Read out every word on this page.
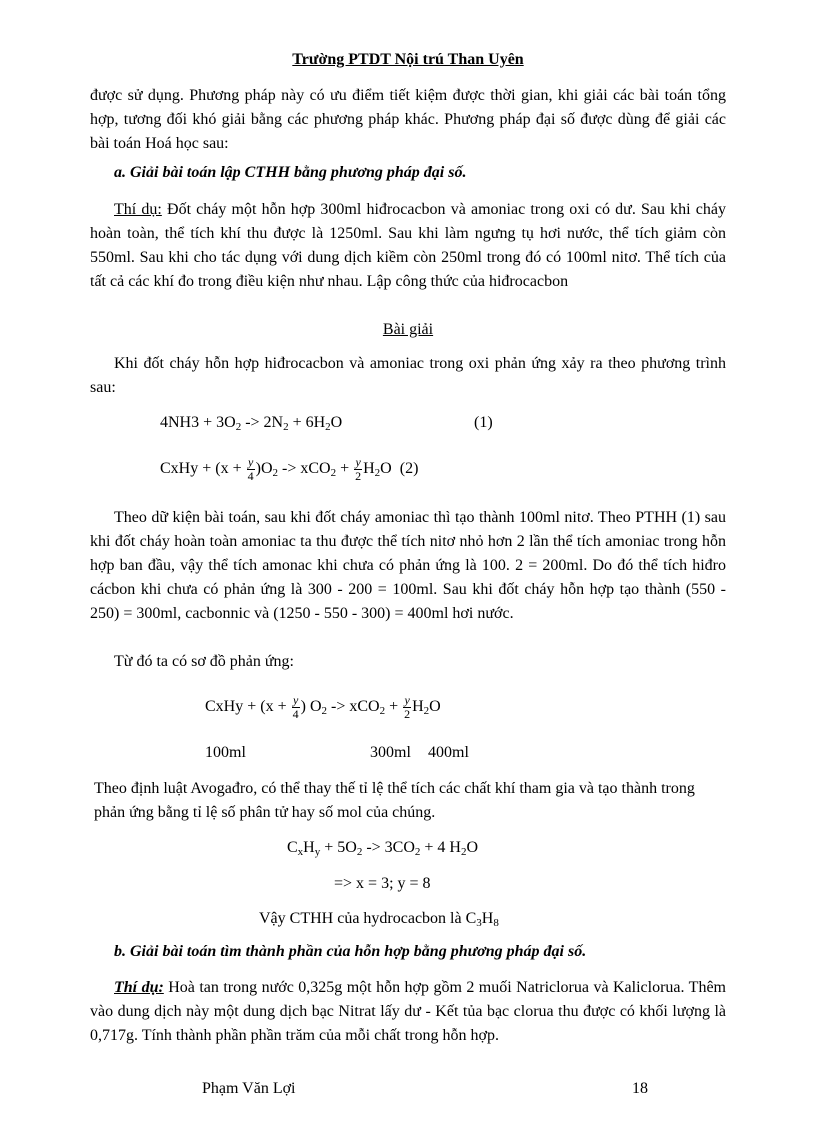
Trường PTDT Nội trú Than Uyên
được sử dụng. Phương pháp này có ưu điểm tiết kiệm được thời gian, khi giải các bài toán tổng hợp, tương đối khó giải bằng các phương pháp khác. Phương pháp đại số được dùng để giải các bài toán Hoá học sau:
a. Giải bài toán lập CTHH bằng phương pháp đại số.
Thí dụ: Đốt cháy một hỗn hợp 300ml hiđrocacbon và amoniac trong oxi có dư. Sau khi cháy hoàn toàn, thể tích khí thu được là 1250ml. Sau khi làm ngưng tụ hơi nước, thể tích giảm còn 550ml. Sau khi cho tác dụng với dung dịch kiềm còn 250ml trong đó có 100ml nitơ. Thể tích của tất cả các khí đo trong điều kiện như nhau. Lập công thức của hiđrocacbon
Bài giải
Khi đốt cháy hỗn hợp hiđrocacbon và amoniac trong oxi phản ứng xảy ra theo phương trình sau:
$4NH3 + 3O_2 -> 2N_2 + 6H_2O$	(1)
CxHy + $(x + \frac{y}{4} )O_2 -> xCO_2 + \frac{y}{2} H_2O$ (2)
Theo dữ kiện bài toán, sau khi đốt cháy amoniac thì tạo thành 100ml nitơ. Theo PTHH (1) sau khi đốt cháy hoàn toàn amoniac ta thu được thể tích nitơ nhỏ hơn 2 lần thể tích amoniac trong hỗn hợp ban đầu, vậy thể tích amonac khi chưa có phản ứng là 100. 2 = 200ml. Do đó thể tích hiđro cácbon khi chưa có phản ứng là 300 - 200 = 100ml. Sau khi đốt cháy hỗn hợp tạo thành (550 - 250) = 300ml, cacbonnic và (1250 - 550 - 300) = 400ml hơi nước.
Từ đó ta có sơ đồ phản ứng:
CxHy + ($x + \frac{y}{4}$ ) $O_2 -> xCO_2 + \frac{y}{2} H_2O$
100ml	300ml 400ml
Theo định luật Avogađro, có thể thay thế tỉ lệ thể tích các chất khí tham gia và tạo thành trong phản ứng bằng tỉ lệ số phân tử hay số mol của chúng.
$C_xH_y + 5O_2 -> 3CO_2 + 4$ $H_2O$
=> x = 3; y = 8
Vậy CTHH của hydrocacbon là $C_3H_8$
b. Giải bài toán tìm thành phần của hỗn hợp bằng phương pháp đại số.
Thí dụ: Hoà tan trong nước 0,325g một hỗn hợp gồm 2 muối Natriclorua và Kaliclorua. Thêm vào dung dịch này một dung dịch bạc Nitrat lấy dư - Kết tủa bạc clorua thu được có khối lượng là 0,717g. Tính thành phần phần trăm của mỗi chất trong hỗn hợp.
Phạm Văn Lợi	18
